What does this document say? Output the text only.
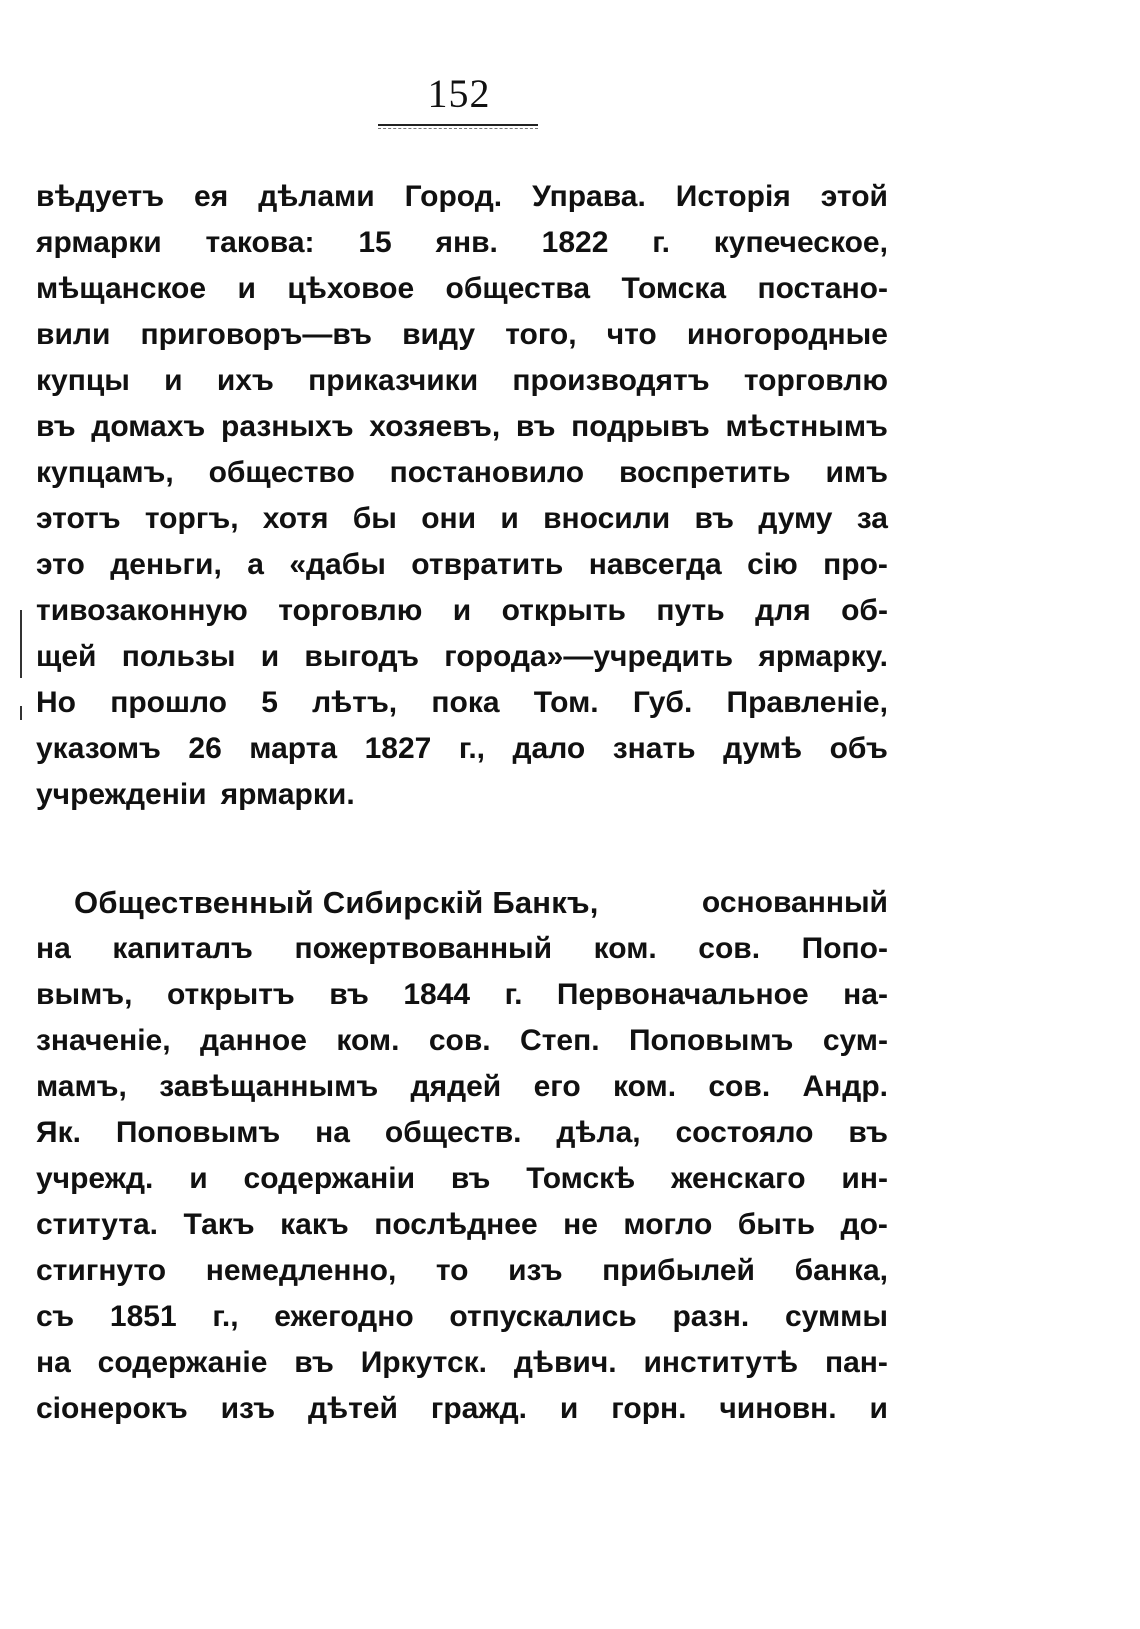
152
вѣдуетъ ея дѣлами Город. Управа. Исторія этой
ярмарки такова: 15 янв. 1822 г. купеческое,
мѣщанское и цѣховое общества Томска постано-
вили приговоръ—въ виду того, что иногородные
купцы и ихъ приказчики производятъ торговлю
въ домахъ разныхъ хозяевъ, въ подрывъ мѣстнымъ
купцамъ, общество постановило воспретить имъ
этотъ торгъ, хотя бы они и вносили въ думу за
это деньги, а «дабы отвратить навсегда сію про-
тивозаконную торговлю и открыть путь для об-
щей пользы и выгодъ города»—учредить ярмарку.
Но прошло 5 лѣтъ, пока Том. Губ. Правленіе,
указомъ 26 марта 1827 г., дало знать думѣ объ
учрежденіи ярмарки.
Общественный Сибирскій Банкъ,	основанный
на капиталъ пожертвованный ком. сов. Попо-
вымъ, открытъ въ 1844 г. Первоначальное на-
значеніе, данное ком. сов. Степ. Поповымъ сум-
мамъ, завѣщаннымъ дядей его ком. сов. Андр.
Як. Поповымъ на обществ. дѣла, состояло въ
учрежд. и содержаніи въ Томскѣ женскаго ин-
ститута. Такъ какъ послѣднее не могло быть до-
стигнуто немедленно, то изъ прибылей банка,
съ 1851 г., ежегодно отпускались разн. суммы
на содержаніе въ Иркутск. дѣвич. институтѣ пан-
сіонерокъ изъ дѣтей гражд. и горн. чиновн. и
